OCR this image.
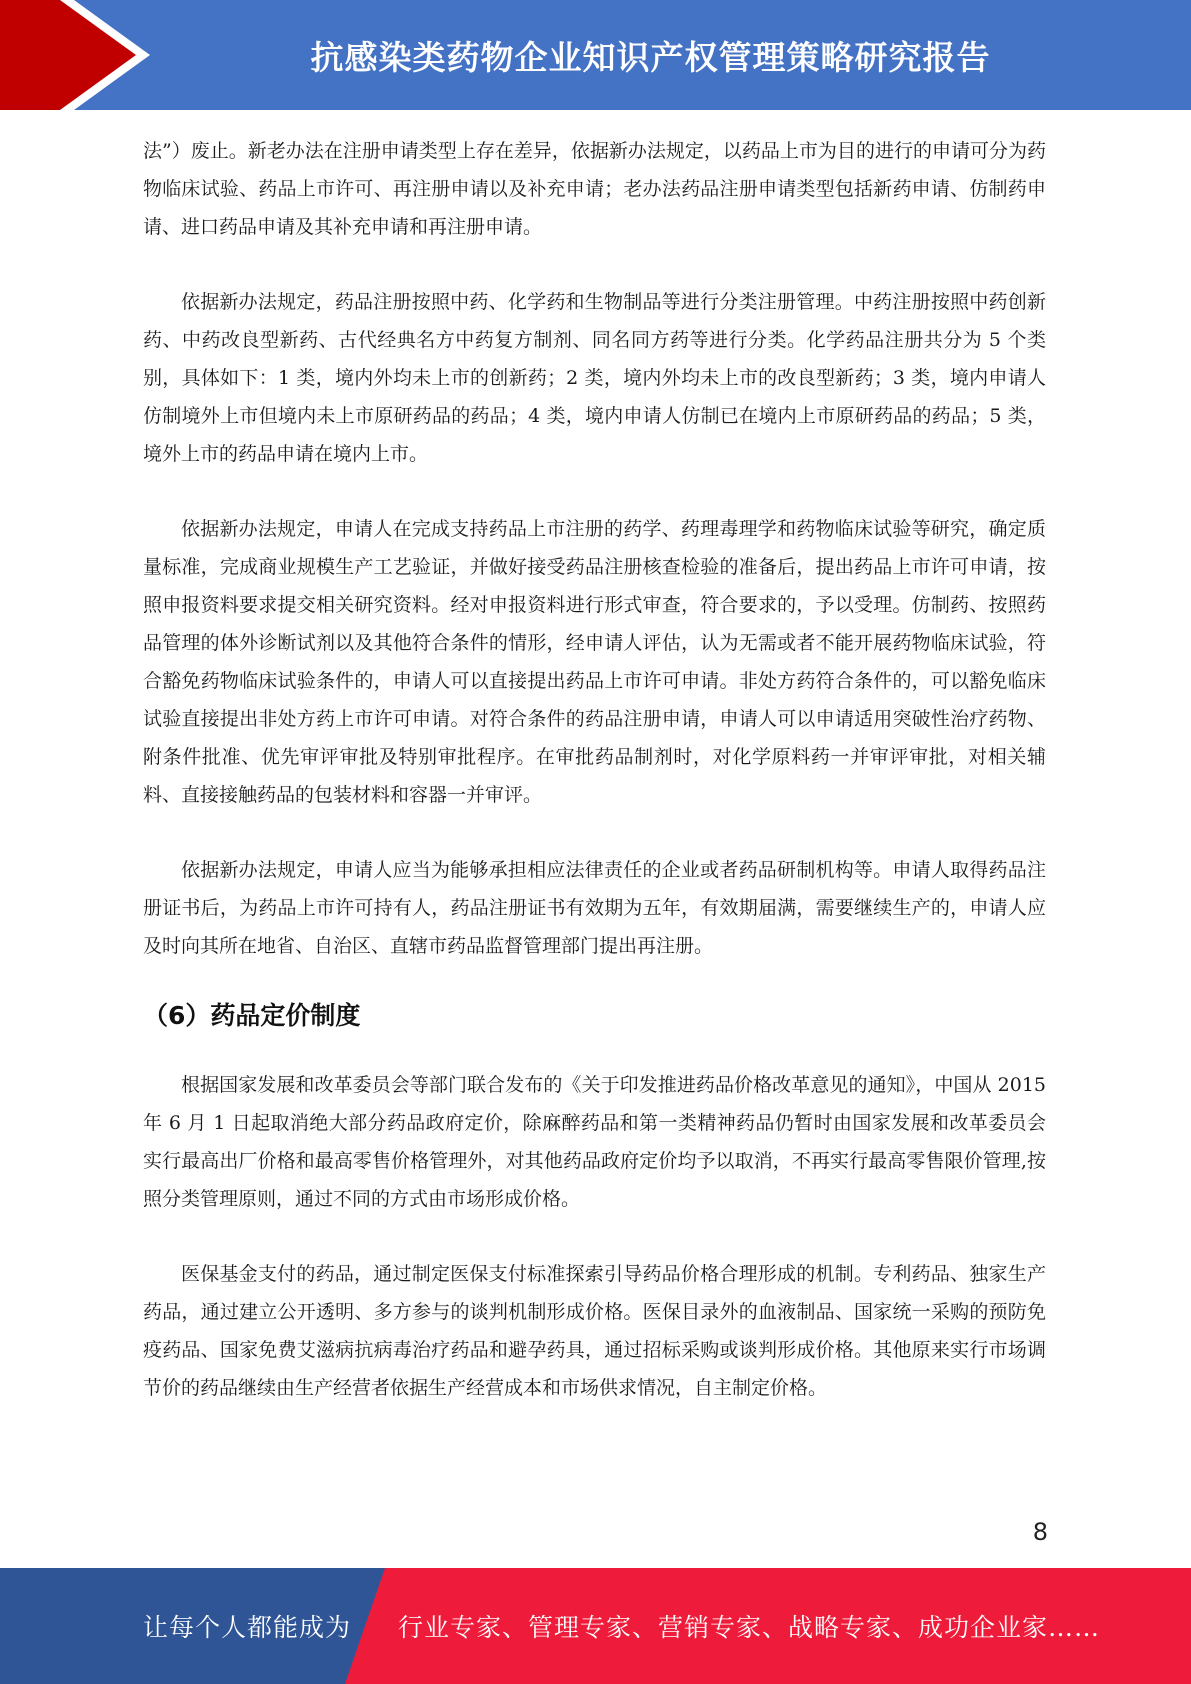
抗感染类药物企业知识产权管理策略研究报告

法”）废止。新老办法在注册申请类型上存在差异，依据新办法规定，以药品上市为目的进行的申请可分为药物临床试验、药品上市许可、再注册申请以及补充申请；老办法药品注册申请类型包括新药申请、仿制药申请、进口药品申请及其补充申请和再注册申请。

依据新办法规定，药品注册按照中药、化学药和生物制品等进行分类注册管理。中药注册按照中药创新药、中药改良型新药、古代经典名方中药复方制剂、同名同方药等进行分类。化学药品注册共分为 5 个类别，具体如下：1 类，境内外均未上市的创新药；2 类，境内外均未上市的改良型新药；3 类，境内申请人仿制境外上市但境内未上市原研药品的药品；4 类，境内申请人仿制已在境内上市原研药品的药品；5 类，境外上市的药品申请在境内上市。

依据新办法规定，申请人在完成支持药品上市注册的药学、药理毒理学和药物临床试验等研究，确定质量标准，完成商业规模生产工艺验证，并做好接受药品注册核查检验的准备后，提出药品上市许可申请，按照申报资料要求提交相关研究资料。经对申报资料进行形式审查，符合要求的，予以受理。仿制药、按照药品管理的体外诊断试剂以及其他符合条件的情形，经申请人评估，认为无需或者不能开展药物临床试验，符合豁免药物临床试验条件的，申请人可以直接提出药品上市许可申请。非处方药符合条件的，可以豁免临床试验直接提出非处方药上市许可申请。对符合条件的药品注册申请，申请人可以申请适用突破性治疗药物、附条件批准、优先审评审批及特别审批程序。在审批药品制剂时，对化学原料药一并审评审批，对相关辅料、直接接触药品的包装材料和容器一并审评。

依据新办法规定，申请人应当为能够承担相应法律责任的企业或者药品研制机构等。申请人取得药品注册证书后，为药品上市许可持有人，药品注册证书有效期为五年，有效期届满，需要继续生产的，申请人应及时向其所在地省、自治区、直辖市药品监督管理部门提出再注册。

（6）药品定价制度

根据国家发展和改革委员会等部门联合发布的《关于印发推进药品价格改革意见的通知》，中国从 2015 年 6 月 1 日起取消绝大部分药品政府定价，除麻醉药品和第一类精神药品仍暂时由国家发展和改革委员会实行最高出厂价格和最高零售价格管理外，对其他药品政府定价均予以取消，不再实行最高零售限价管理,按照分类管理原则，通过不同的方式由市场形成价格。

医保基金支付的药品，通过制定医保支付标准探索引导药品价格合理形成的机制。专利药品、独家生产药品，通过建立公开透明、多方参与的谈判机制形成价格。医保目录外的血液制品、国家统一采购的预防免疫药品、国家免费艾滋病抗病毒治疗药品和避孕药具，通过招标采购或谈判形成价格。其他原来实行市场调节价的药品继续由生产经营者依据生产经营成本和市场供求情况，自主制定价格。

8
让每个人都能成为 行业专家、管理专家、营销专家、战略专家、成功企业家……
